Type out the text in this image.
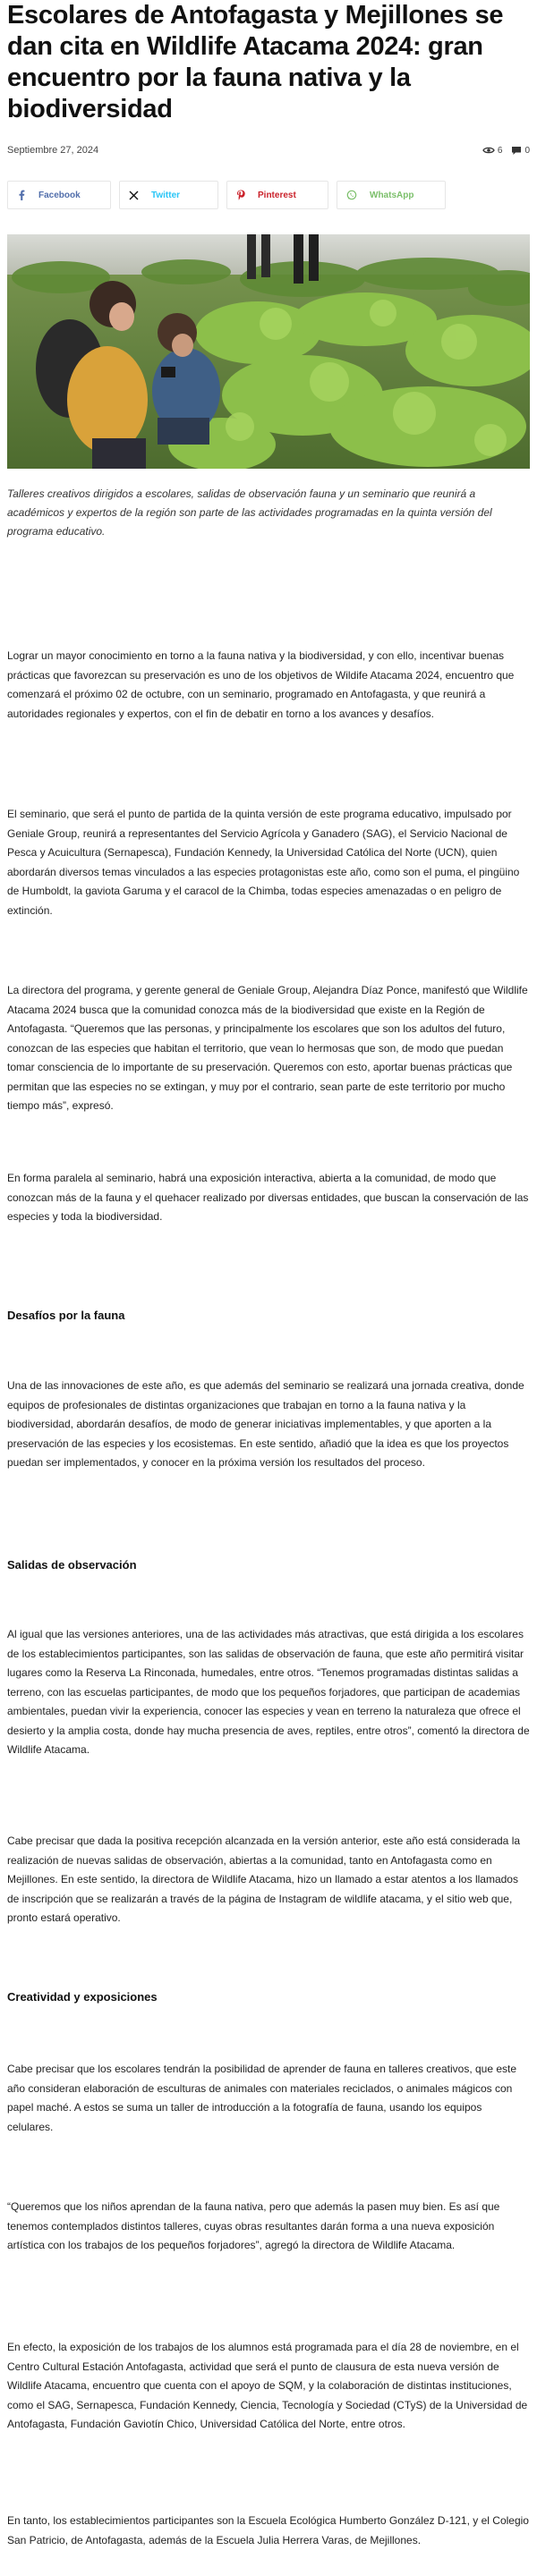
Escolares de Antofagasta y Mejillones se dan cita en Wildlife Atacama 2024: gran encuentro por la fauna nativa y la biodiversidad
Septiembre 27, 2024	6	0
Facebook	Twitter	Pinterest	WhatsApp

Talleres creativos dirigidos a escolares, salidas de observación fauna y un seminario que reunirá a académicos y expertos de la región son parte de las actividades programadas en la quinta versión del programa educativo.

Lograr un mayor conocimiento en torno a la fauna nativa y la biodiversidad, y con ello, incentivar buenas prácticas que favorezcan su preservación es uno de los objetivos de Wildife Atacama 2024, encuentro que comenzará el próximo 02 de octubre, con un seminario, programado en Antofagasta, y que reunirá a autoridades regionales y expertos, con el fin de debatir en torno a los avances y desafíos.

El seminario, que será el punto de partida de la quinta versión de este programa educativo, impulsado por Geniale Group, reunirá a representantes del Servicio Agrícola y Ganadero (SAG), el Servicio Nacional de Pesca y Acuicultura (Sernapesca), Fundación Kennedy, la Universidad Católica del Norte (UCN), quien abordarán diversos temas vinculados a las especies protagonistas este año, como son el puma, el pingüino de Humboldt, la gaviota Garuma y el caracol de la Chimba, todas especies amenazadas o en peligro de extinción.

La directora del programa, y gerente general de Geniale Group, Alejandra Díaz Ponce, manifestó que Wildlife Atacama 2024 busca que la comunidad conozca más de la biodiversidad que existe en la Región de Antofagasta. “Queremos que las personas, y principalmente los escolares que son los adultos del futuro, conozcan de las especies que habitan el territorio, que vean lo hermosas que son, de modo que puedan tomar consciencia de lo importante de su preservación. Queremos con esto, aportar buenas prácticas que permitan que las especies no se extingan, y muy por el contrario, sean parte de este territorio por mucho tiempo más”, expresó.

En forma paralela al seminario, habrá una exposición interactiva, abierta a la comunidad, de modo que conozcan más de la fauna y el quehacer realizado por diversas entidades, que buscan la conservación de las especies y toda la biodiversidad.

Desafíos por la fauna

Una de las innovaciones de este año, es que además del seminario se realizará una jornada creativa, donde equipos de profesionales de distintas organizaciones que trabajan en torno a la fauna nativa y la biodiversidad, abordarán desafíos, de modo de generar iniciativas implementables, y que aporten a la preservación de las especies y los ecosistemas. En este sentido, añadió que la idea es que los proyectos puedan ser implementados, y conocer en la próxima versión los resultados del proceso.

Salidas de observación

Al igual que las versiones anteriores, una de las actividades más atractivas, que está dirigida a los escolares de los establecimientos participantes, son las salidas de observación de fauna, que este año permitirá visitar lugares como la Reserva La Rinconada, humedales, entre otros. “Tenemos programadas distintas salidas a terreno, con las escuelas participantes, de modo que los pequeños forjadores, que participan de academias ambientales, puedan vivir la experiencia, conocer las especies y vean en terreno la naturaleza que ofrece el desierto y la amplia costa, donde hay mucha presencia de aves, reptiles, entre otros”, comentó la directora de Wildlife Atacama.

Cabe precisar que dada la positiva recepción alcanzada en la versión anterior, este año está considerada la realización de nuevas salidas de observación, abiertas a la comunidad, tanto en Antofagasta como en Mejillones. En este sentido, la directora de Wildlife Atacama, hizo un llamado a estar atentos a los llamados de inscripción que se realizarán a través de la página de Instagram de wildlife atacama, y el sitio web que, pronto estará operativo.

Creatividad y exposiciones

Cabe precisar que los escolares tendrán la posibilidad de aprender de fauna en talleres creativos, que este año consideran elaboración de esculturas de animales con materiales reciclados, o animales mágicos con papel maché. A estos se suma un taller de introducción a la fotografía de fauna, usando los equipos celulares.

“Queremos que los niños aprendan de la fauna nativa, pero que además la pasen muy bien. Es así que tenemos contemplados distintos talleres, cuyas obras resultantes darán forma a una nueva exposición artística con los trabajos de los pequeños forjadores”, agregó la directora de Wildlife Atacama.

En efecto, la exposición de los trabajos de los alumnos está programada para el día 28 de noviembre, en el Centro Cultural Estación Antofagasta, actividad que será el punto de clausura de esta nueva versión de Wildlife Atacama, encuentro que cuenta con el apoyo de SQM, y la colaboración de distintas instituciones, como el SAG, Sernapesca, Fundación Kennedy, Ciencia, Tecnología y Sociedad (CTyS) de la Universidad de Antofagasta, Fundación Gaviotín Chico, Universidad Católica del Norte, entre otros.

En tanto, los establecimientos participantes son la Escuela Ecológica Humberto González D-121, y el Colegio San Patricio, de Antofagasta, además de la Escuela Julia Herrera Varas, de Mejillones.
